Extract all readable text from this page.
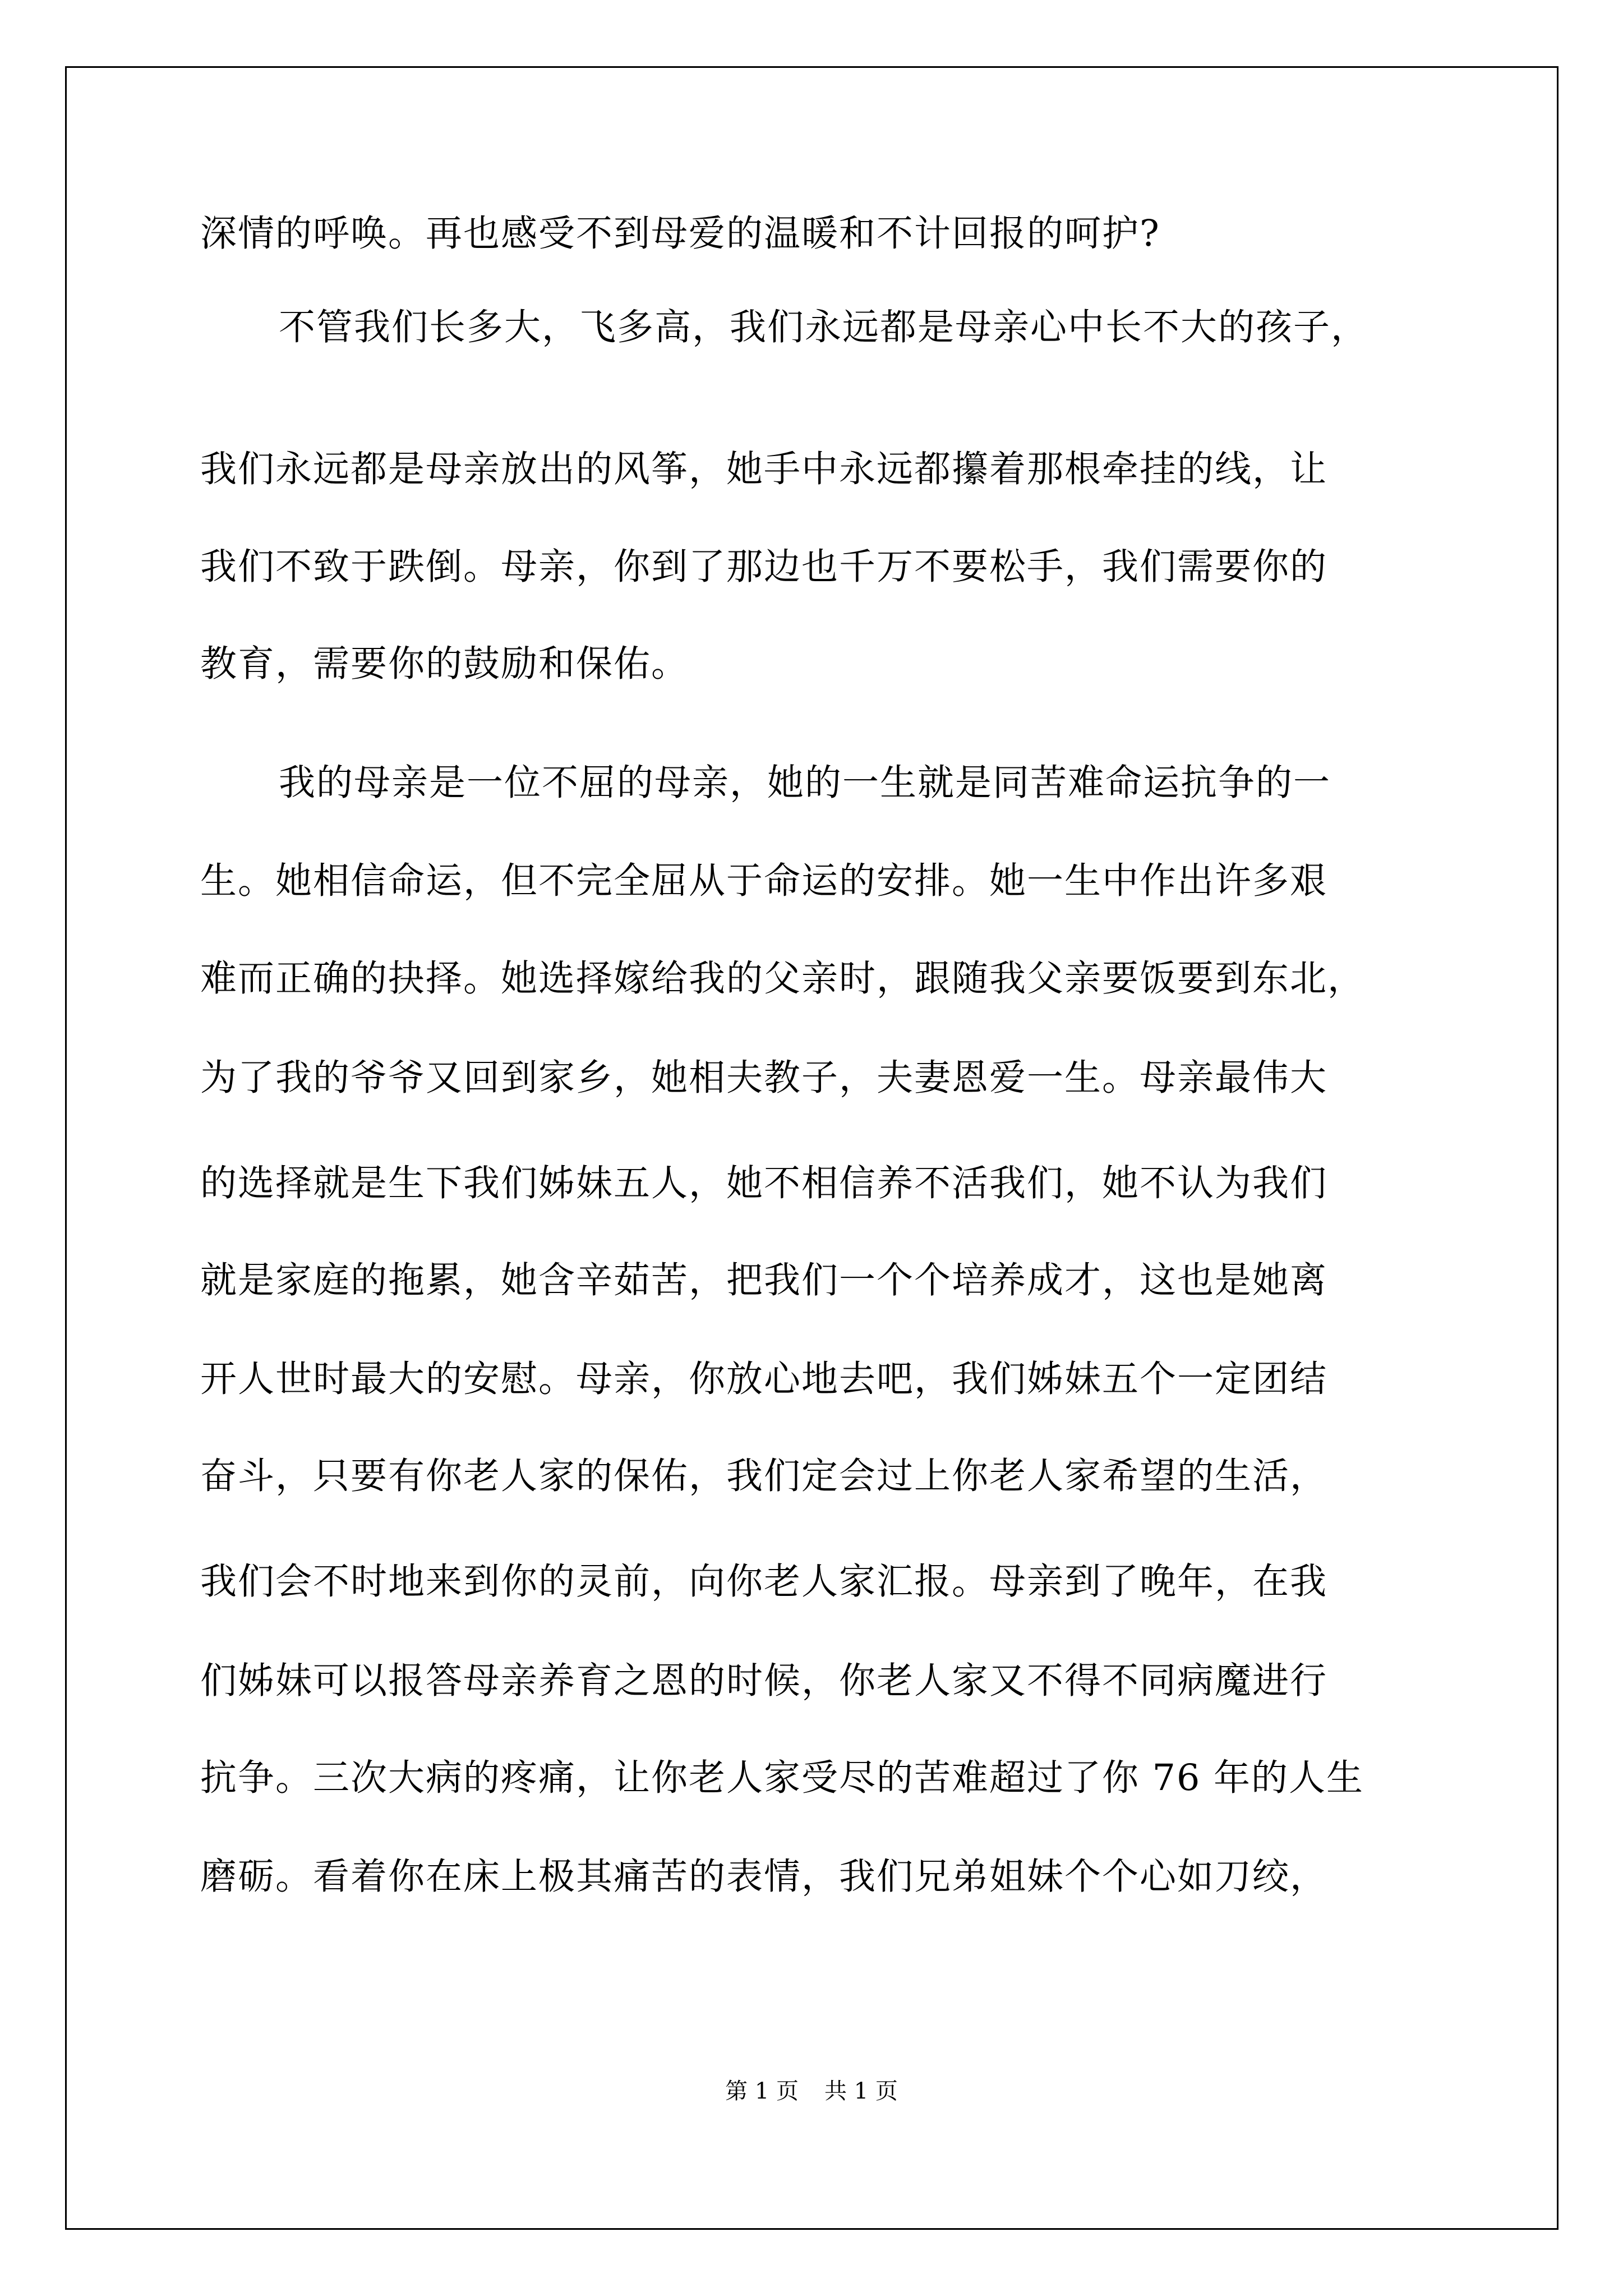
深情的呼唤。再也感受不到母爱的温暖和不计回报的呵护?
不管我们长多大，飞多高，我们永远都是母亲心中长不大的孩子，
我们永远都是母亲放出的风筝，她手中永远都攥着那根牵挂的线，让
我们不致于跌倒。母亲，你到了那边也千万不要松手，我们需要你的
教育，需要你的鼓励和保佑。
我的母亲是一位不屈的母亲，她的一生就是同苦难命运抗争的一
生。她相信命运，但不完全屈从于命运的安排。她一生中作出许多艰
难而正确的抉择。她选择嫁给我的父亲时，跟随我父亲要饭要到东北，
为了我的爷爷又回到家乡，她相夫教子，夫妻恩爱一生。母亲最伟大
的选择就是生下我们姊妹五人，她不相信养不活我们，她不认为我们
就是家庭的拖累，她含辛茹苦，把我们一个个培养成才，这也是她离
开人世时最大的安慰。母亲，你放心地去吧，我们姊妹五个一定团结
奋斗，只要有你老人家的保佑，我们定会过上你老人家希望的生活，
我们会不时地来到你的灵前，向你老人家汇报。母亲到了晚年，在我
们姊妹可以报答母亲养育之恩的时候，你老人家又不得不同病魔进行
抗争。三次大病的疼痛，让你老人家受尽的苦难超过了你 76 年的人生
磨砺。看着你在床上极其痛苦的表情，我们兄弟姐妹个个心如刀绞，
第 1 页 共 1 页
